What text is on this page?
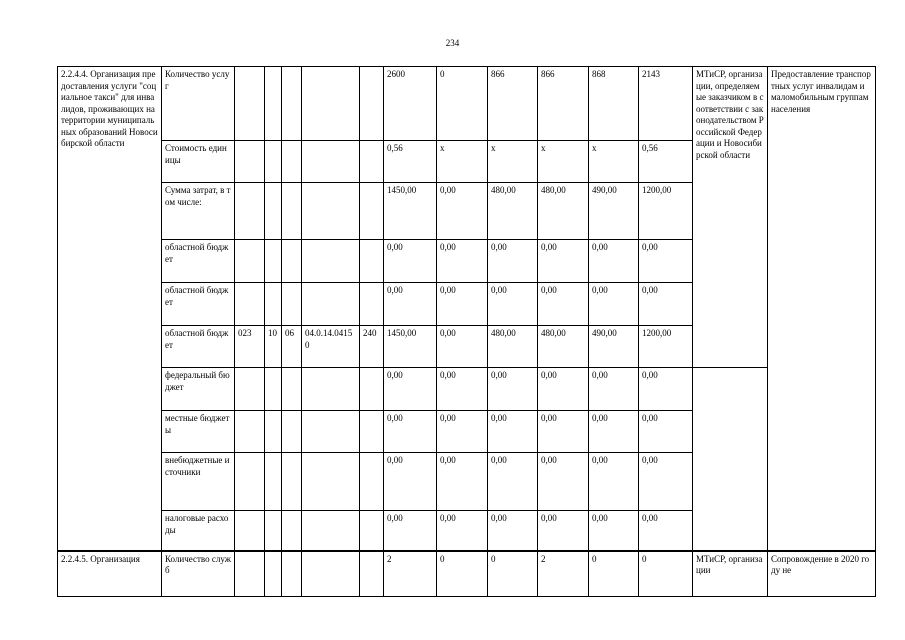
234
2.2.4.4. Организация предоставления услуги "социальное такси" для инвалидов, проживающих на территории муниципальных образований Новосибирской области	Количество услуг						2600	0	866	866	868	2143	МТиСР, организации, определяемые заказчиком в соответствии с законодательством Российской Федерации и Новосибирской области	Предоставление транспортных услуг инвалидам и маломобильным группам населения
	Стоимость единицы						0,56	x	x	x	x	0,56		
	Сумма затрат, в том числе:						1450,00	0,00	480,00	480,00	490,00	1200,00		
	областной бюджет						0,00	0,00	0,00	0,00	0,00	0,00		
	областной бюджет						0,00	0,00	0,00	0,00	0,00	0,00		
	областной бюджет	023	10	06	04.0.14.04150	240	1450,00	0,00	480,00	480,00	490,00	1200,00		
	федеральный бюджет						0,00	0,00	0,00	0,00	0,00	0,00		
	местные бюджеты						0,00	0,00	0,00	0,00	0,00	0,00		
	внебюджетные источники						0,00	0,00	0,00	0,00	0,00	0,00		
	налоговые расходы						0,00	0,00	0,00	0,00	0,00	0,00		
2.2.4.5. Организация	Количество служб						2	0	0	2	0	0	МТиСР, организации	Сопровождение в 2020 году не
